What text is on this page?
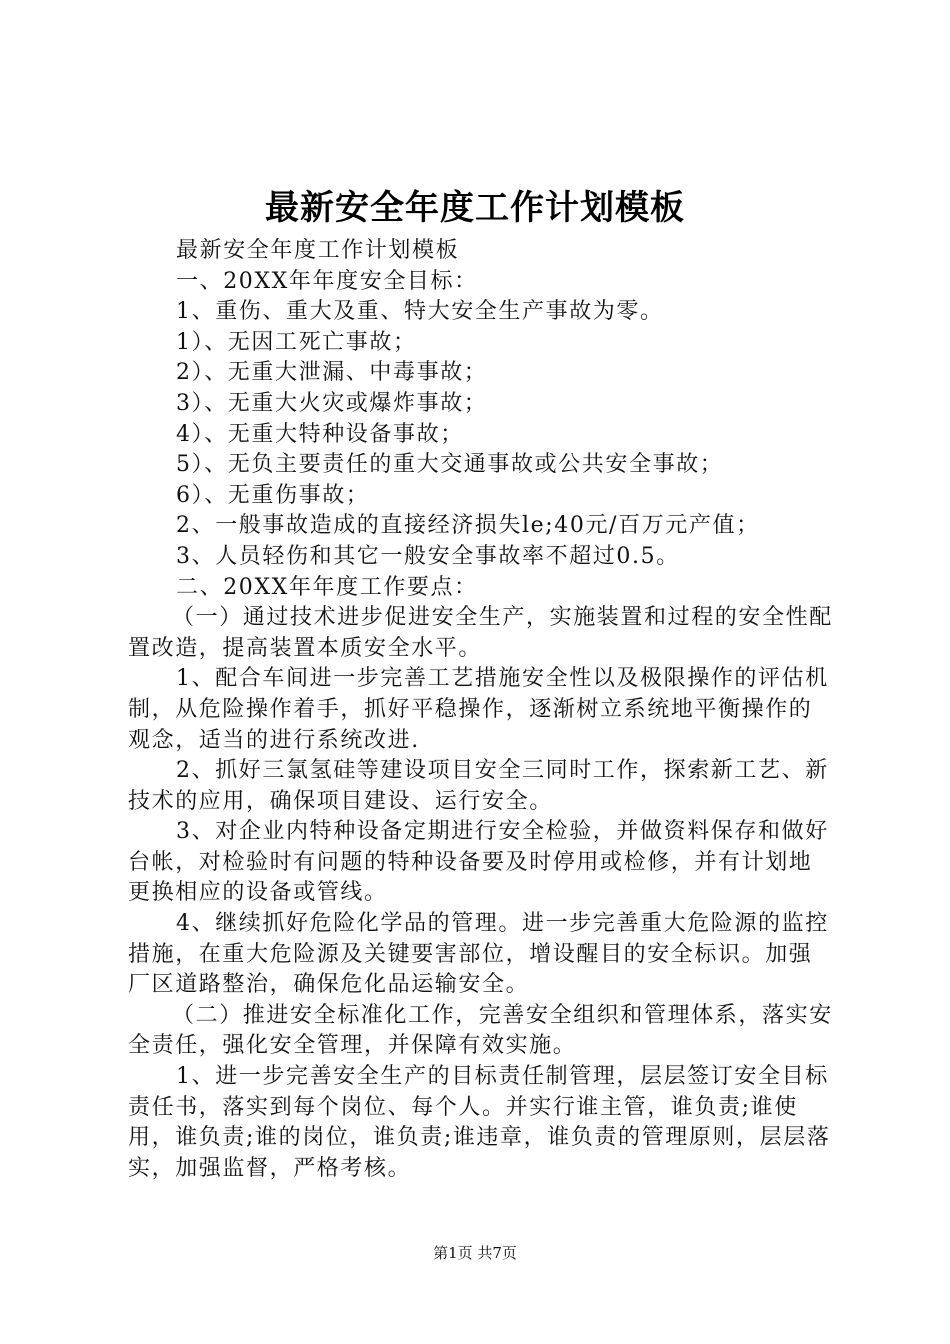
最新安全年度工作计划模板

最新安全年度工作计划模板

一、20XX年年度安全目标：

1、重伤、重大及重、特大安全生产事故为零。

1）、无因工死亡事故；

2）、无重大泄漏、中毒事故；

3）、无重大火灾或爆炸事故；

4）、无重大特种设备事故；

5）、无负主要责任的重大交通事故或公共安全事故；

6）、无重伤事故；

2、一般事故造成的直接经济损失le;40元/百万元产值；

3、人员轻伤和其它一般安全事故率不超过0.5。

二、20XX年年度工作要点：

（一）通过技术进步促进安全生产，实施装置和过程的安全性配置改造，提高装置本质安全水平。

1、配合车间进一步完善工艺措施安全性以及极限操作的评估机制，从危险操作着手，抓好平稳操作，逐渐树立系统地平衡操作的观念，适当的进行系统改进.

2、抓好三氯氢硅等建设项目安全三同时工作，探索新工艺、新技术的应用，确保项目建设、运行安全。

3、对企业内特种设备定期进行安全检验，并做资料保存和做好台帐，对检验时有问题的特种设备要及时停用或检修，并有计划地更换相应的设备或管线。

4、继续抓好危险化学品的管理。进一步完善重大危险源的监控措施，在重大危险源及关键要害部位，增设醒目的安全标识。加强厂区道路整治，确保危化品运输安全。

（二）推进安全标准化工作，完善安全组织和管理体系，落实安全责任，强化安全管理，并保障有效实施。

1、进一步完善安全生产的目标责任制管理，层层签订安全目标责任书，落实到每个岗位、每个人。并实行谁主管，谁负责;谁使用，谁负责;谁的岗位，谁负责;谁违章，谁负责的管理原则，层层落实，加强监督，严格考核。

第1页 共7页
